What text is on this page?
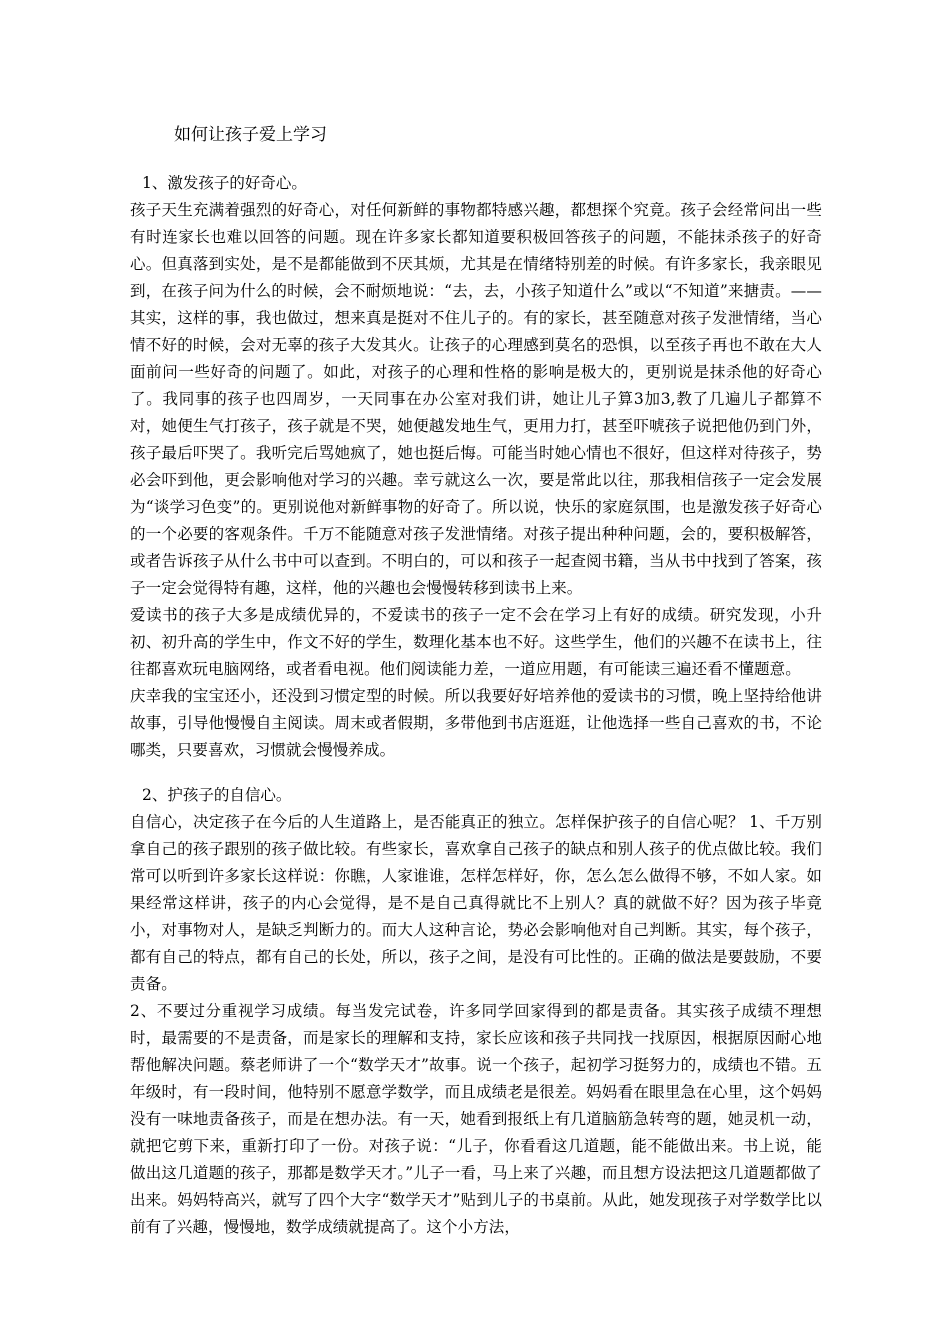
如何让孩子爱上学习

1、激发孩子的好奇心。

孩子天生充满着强烈的好奇心，对任何新鲜的事物都特感兴趣，都想探个究竟。孩子会经常问出一些有时连家长也难以回答的问题。现在许多家长都知道要积极回答孩子的问题，不能抹杀孩子的好奇心。但真落到实处，是不是都能做到不厌其烦，尤其是在情绪特别差的时候。有许多家长，我亲眼见到，在孩子问为什么的时候，会不耐烦地说：“去，去，小孩子知道什么”或以“不知道”来搪责。——其实，这样的事，我也做过，想来真是挺对不住儿子的。有的家长，甚至随意对孩子发泄情绪，当心情不好的时候，会对无辜的孩子大发其火。让孩子的心理感到莫名的恐惧，以至孩子再也不敢在大人面前问一些好奇的问题了。如此，对孩子的心理和性格的影响是极大的，更别说是抹杀他的好奇心了。我同事的孩子也四周岁，一天同事在办公室对我们讲，她让儿子算3加3,教了几遍儿子都算不对，她便生气打孩子，孩子就是不哭，她便越发地生气，更用力打，甚至吓唬孩子说把他仍到门外，孩子最后吓哭了。我听完后骂她疯了，她也挺后悔。可能当时她心情也不很好，但这样对待孩子，势必会吓到他，更会影响他对学习的兴趣。幸亏就这么一次，要是常此以往，那我相信孩子一定会发展为“谈学习色变”的。更别说他对新鲜事物的好奇了。所以说，快乐的家庭氛围，也是激发孩子好奇心的一个必要的客观条件。千万不能随意对孩子发泄情绪。对孩子提出种种问题，会的，要积极解答，或者告诉孩子从什么书中可以查到。不明白的，可以和孩子一起查阅书籍，当从书中找到了答案，孩子一定会觉得特有趣，这样，他的兴趣也会慢慢转移到读书上来。

爱读书的孩子大多是成绩优异的，不爱读书的孩子一定不会在学习上有好的成绩。研究发现，小升初、初升高的学生中，作文不好的学生，数理化基本也不好。这些学生，他们的兴趣不在读书上，往往都喜欢玩电脑网络，或者看电视。他们阅读能力差，一道应用题，有可能读三遍还看不懂题意。

庆幸我的宝宝还小，还没到习惯定型的时候。所以我要好好培养他的爱读书的习惯，晚上坚持给他讲故事，引导他慢慢自主阅读。周末或者假期，多带他到书店逛逛，让他选择一些自己喜欢的书，不论哪类，只要喜欢，习惯就会慢慢养成。

2、护孩子的自信心。

自信心，决定孩子在今后的人生道路上，是否能真正的独立。怎样保护孩子的自信心呢？ 1、千万别拿自己的孩子跟别的孩子做比较。有些家长，喜欢拿自己孩子的缺点和别人孩子的优点做比较。我们常可以听到许多家长这样说：你瞧，人家谁谁，怎样怎样好，你，怎么怎么做得不够，不如人家。如果经常这样讲，孩子的内心会觉得，是不是自己真得就比不上别人？真的就做不好？因为孩子毕竟小，对事物对人，是缺乏判断力的。而大人这种言论，势必会影响他对自己判断。其实，每个孩子，都有自己的特点，都有自己的长处，所以，孩子之间，是没有可比性的。正确的做法是要鼓励，不要责备。

2、不要过分重视学习成绩。每当发完试卷，许多同学回家得到的都是责备。其实孩子成绩不理想时，最需要的不是责备，而是家长的理解和支持，家长应该和孩子共同找一找原因，根据原因耐心地帮他解决问题。蔡老师讲了一个“数学天才”故事。说一个孩子，起初学习挺努力的，成绩也不错。五年级时，有一段时间，他特别不愿意学数学，而且成绩老是很差。妈妈看在眼里急在心里，这个妈妈没有一味地责备孩子，而是在想办法。有一天，她看到报纸上有几道脑筋急转弯的题，她灵机一动，就把它剪下来，重新打印了一份。对孩子说：“儿子，你看看这几道题，能不能做出来。书上说，能做出这几道题的孩子，那都是数学天才。”儿子一看，马上来了兴趣，而且想方设法把这几道题都做了出来。妈妈特高兴，就写了四个大字“数学天才”贴到儿子的书桌前。从此，她发现孩子对学数学比以前有了兴趣，慢慢地，数学成绩就提高了。这个小方法，
